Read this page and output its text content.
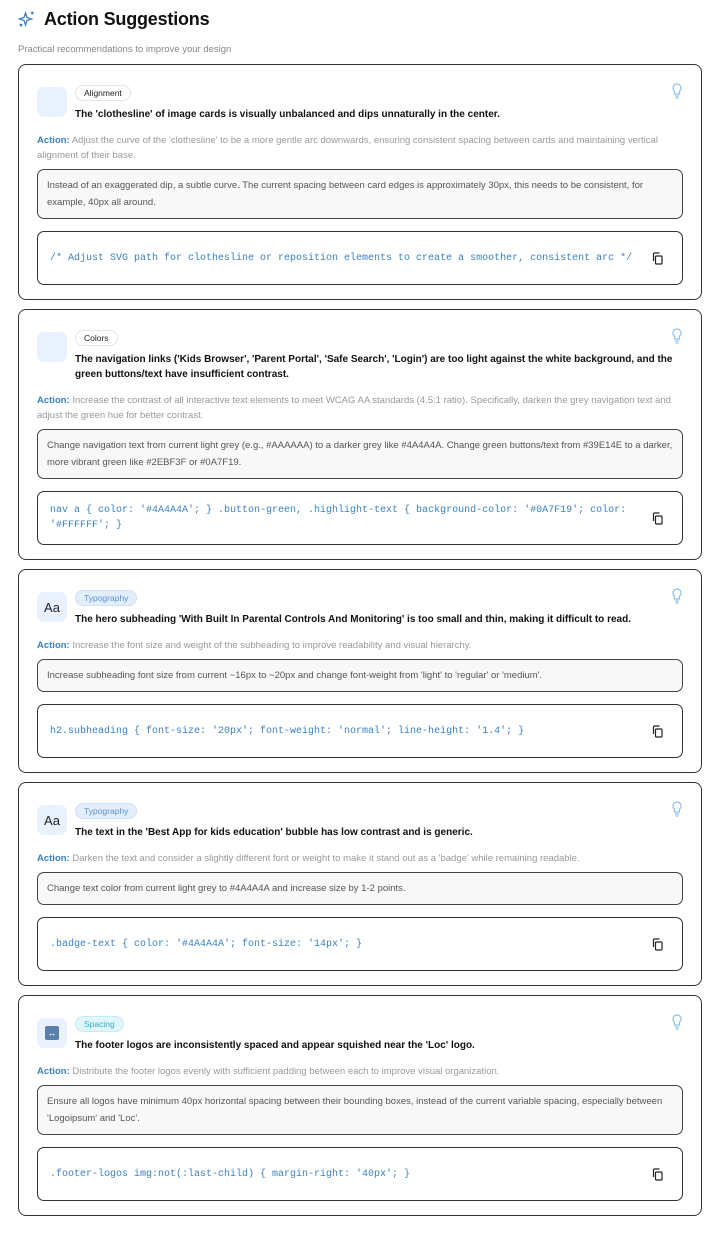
Action Suggestions
Practical recommendations to improve your design
Alignment
The 'clothesline' of image cards is visually unbalanced and dips unnaturally in the center.
Action: Adjust the curve of the 'clothesline' to be a more gentle arc downwards, ensuring consistent spacing between cards and maintaining vertical alignment of their base.
Instead of an exaggerated dip, a subtle curve. The current spacing between card edges is approximately 30px, this needs to be consistent, for example, 40px all around.
/* Adjust SVG path for clothesline or reposition elements to create a smoother, consistent arc */
Colors
The navigation links ('Kids Browser', 'Parent Portal', 'Safe Search', 'Login') are too light against the white background, and the green buttons/text have insufficient contrast.
Action: Increase the contrast of all interactive text elements to meet WCAG AA standards (4.5:1 ratio). Specifically, darken the grey navigation text and adjust the green hue for better contrast.
Change navigation text from current light grey (e.g., #AAAAAA) to a darker grey like #4A4A4A. Change green buttons/text from #39E14E to a darker, more vibrant green like #2EBF3F or #0A7F19.
nav a { color: '#4A4A4A'; } .button-green, .highlight-text { background-color: '#0A7F19'; color: '#FFFFFF'; }
Aa
Typography
The hero subheading 'With Built In Parental Controls And Monitoring' is too small and thin, making it difficult to read.
Action: Increase the font size and weight of the subheading to improve readability and visual hierarchy.
Increase subheading font size from current ~16px to ~20px and change font-weight from 'light' to 'regular' or 'medium'.
h2.subheading { font-size: '20px'; font-weight: 'normal'; line-height: '1.4'; }
Aa
Typography
The text in the 'Best App for kids education' bubble has low contrast and is generic.
Action: Darken the text and consider a slightly different font or weight to make it stand out as a 'badge' while remaining readable.
Change text color from current light grey to #4A4A4A and increase size by 1-2 points.
.badge-text { color: '#4A4A4A'; font-size: '14px'; }
↔
Spacing
The footer logos are inconsistently spaced and appear squished near the 'Loc' logo.
Action: Distribute the footer logos evenly with sufficient padding between each to improve visual organization.
Ensure all logos have minimum 40px horizontal spacing between their bounding boxes, instead of the current variable spacing, especially between 'Logoipsum' and 'Loc'.
.footer-logos img:not(:last-child) { margin-right: '40px'; }
